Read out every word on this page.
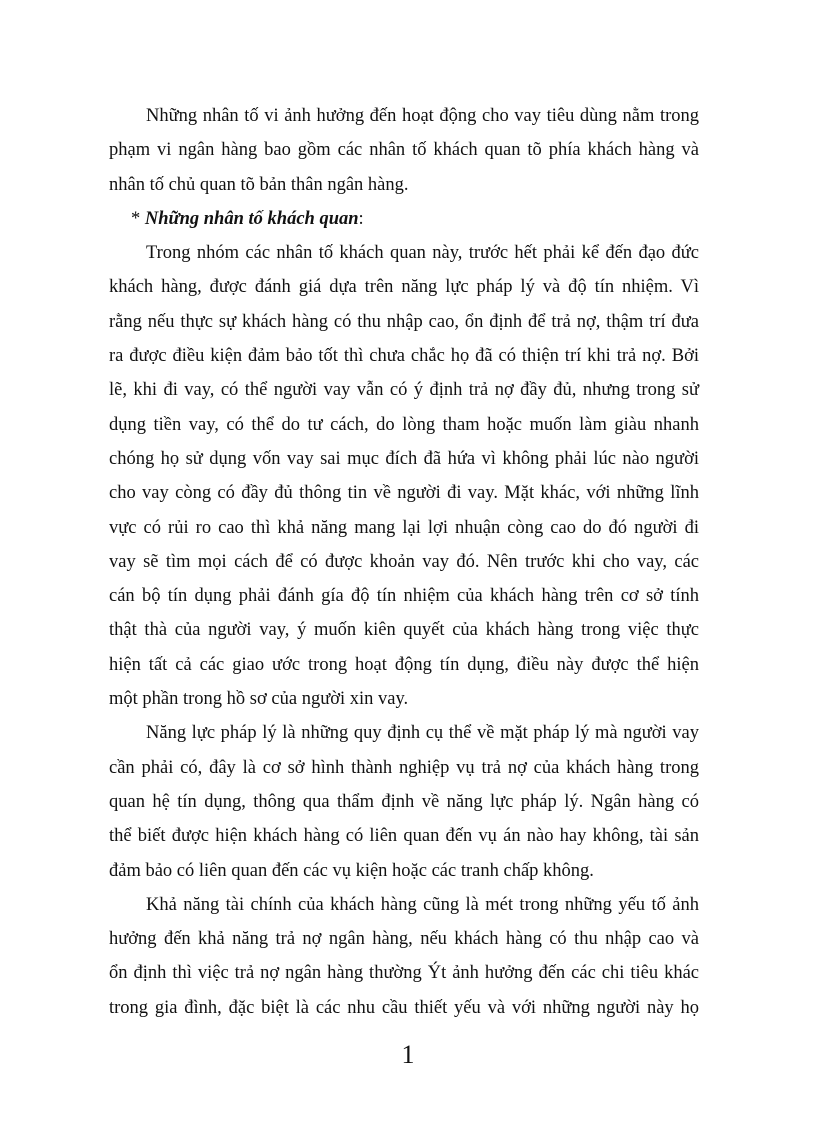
Những nhân tố vi ảnh hưởng đến hoạt động cho vay tiêu dùng nằm trong
phạm vi ngân hàng bao gồm các nhân tố khách quan tõ phía khách hàng và
nhân tố chủ quan tõ bản thân ngân hàng.
* Những nhân tố khách quan:
Trong nhóm các nhân tố khách quan này, trước hết phải kể đến đạo đức
khách hàng, được đánh giá dựa trên năng lực pháp lý và độ tín nhiệm. Vì
rằng nếu thực sự khách hàng có thu nhập cao, ổn định để trả nợ, thậm trí đưa
ra được điều kiện đảm bảo tốt thì chưa chắc họ đã có thiện trí khi trả nợ. Bởi
lẽ, khi đi vay, có thể người vay vẫn có ý định trả nợ đầy đủ, nhưng trong sử
dụng tiền vay, có thể do tư cách, do lòng tham hoặc muốn làm giàu nhanh
chóng họ sử dụng vốn vay sai mục đích đã hứa vì không phải lúc nào người
cho vay còng có đầy đủ thông tin về người đi vay. Mặt khác, với những lĩnh
vực có rủi ro cao thì khả năng mang lại lợi nhuận còng cao do đó người đi
vay sẽ tìm mọi cách để có được khoản vay đó. Nên trước khi cho vay, các
cán bộ tín dụng phải đánh gía độ tín nhiệm của khách hàng trên cơ sở tính
thật thà của người vay, ý muốn kiên quyết của khách hàng trong việc thực
hiện tất cả các giao ước trong hoạt động tín dụng, điều này được thể hiện
một phần trong hồ sơ của người xin vay.
Năng lực pháp lý là những quy định cụ thể về mặt pháp lý mà người vay
cần phải có, đây là cơ sở hình thành nghiệp vụ trả nợ của khách hàng trong
quan hệ tín dụng, thông qua thẩm định về năng lực pháp lý. Ngân hàng có
thể biết được hiện khách hàng có liên quan đến vụ án nào hay không, tài sản
đảm bảo có liên quan đến các vụ kiện hoặc các tranh chấp không.
Khả năng tài chính của khách hàng cũng là mét trong những yếu tố ảnh
hưởng đến khả năng trả nợ ngân hàng, nếu khách hàng có thu nhập cao và
ổn định thì việc trả nợ ngân hàng thường Ýt ảnh hưởng đến các chi tiêu khác
trong gia đình, đặc biệt là các nhu cầu thiết yếu và với những người này họ
1
